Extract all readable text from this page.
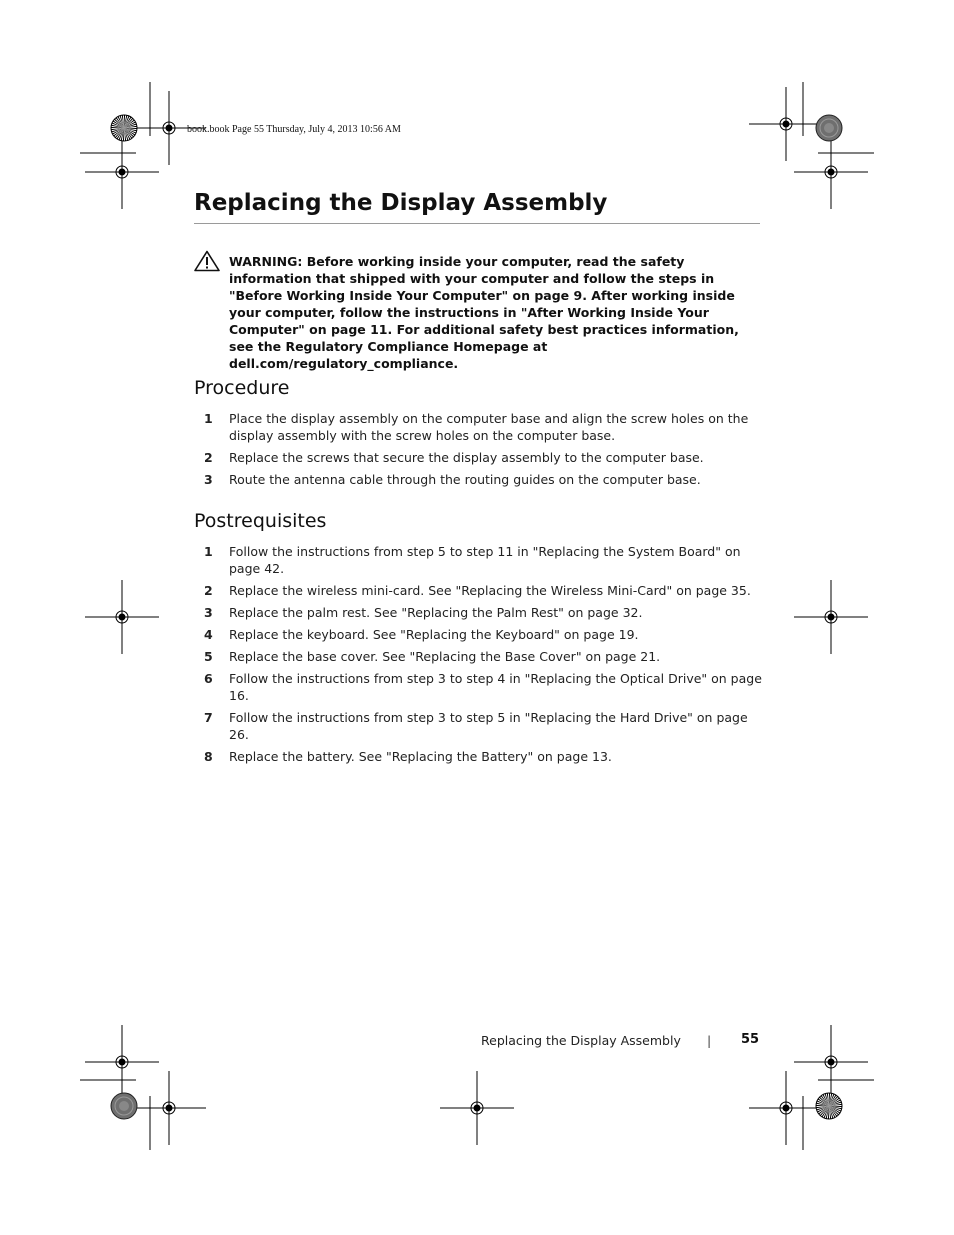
book.book Page 55 Thursday, July 4, 2013 10:56 AM
Replacing the Display Assembly
WARNING: Before working inside your computer, read the safety information that shipped with your computer and follow the steps in "Before Working Inside Your Computer" on page 9. After working inside your computer, follow the instructions in "After Working Inside Your Computer" on page 11. For additional safety best practices information, see the Regulatory Compliance Homepage at dell.com/regulatory_compliance.
Procedure
1 Place the display assembly on the computer base and align the screw holes on the display assembly with the screw holes on the computer base.
2 Replace the screws that secure the display assembly to the computer base.
3 Route the antenna cable through the routing guides on the computer base.
Postrequisites
1 Follow the instructions from step 5 to step 11 in "Replacing the System Board" on page 42.
2 Replace the wireless mini-card. See "Replacing the Wireless Mini-Card" on page 35.
3 Replace the palm rest. See "Replacing the Palm Rest" on page 32.
4 Replace the keyboard. See "Replacing the Keyboard" on page 19.
5 Replace the base cover. See "Replacing the Base Cover" on page 21.
6 Follow the instructions from step 3 to step 4 in "Replacing the Optical Drive" on page 16.
7 Follow the instructions from step 3 to step 5 in "Replacing the Hard Drive" on page 26.
8 Replace the battery. See "Replacing the Battery" on page 13.
Replacing the Display Assembly | 55
